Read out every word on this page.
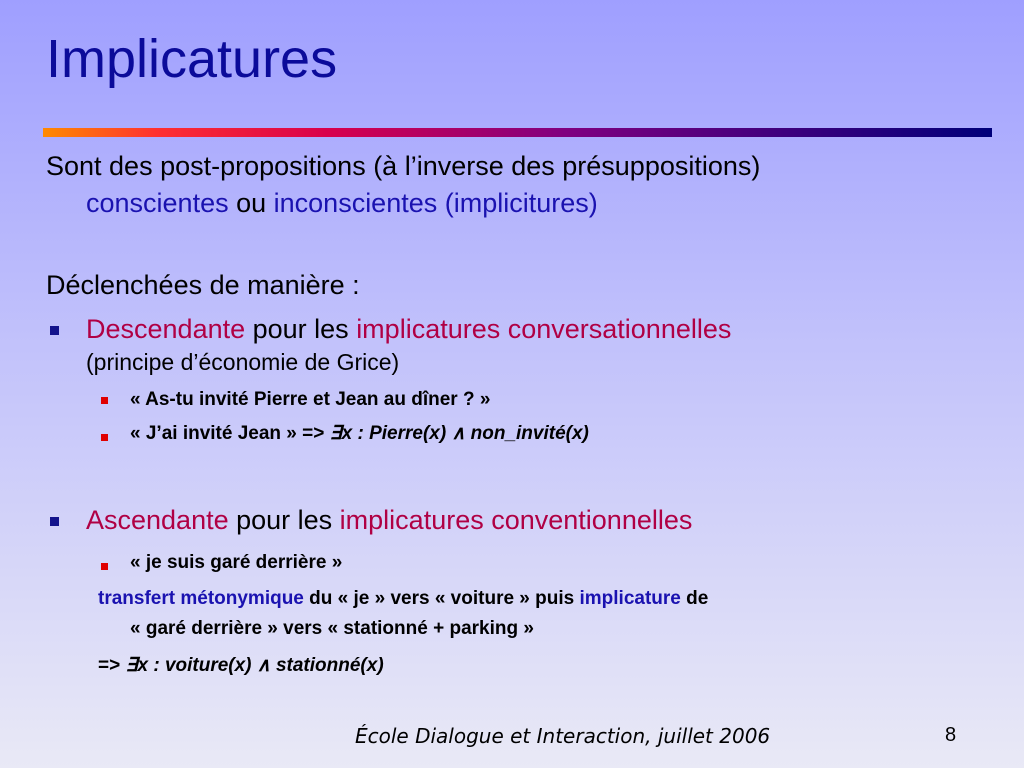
Implicatures
Sont des post-propositions (à l’inverse des présuppositions)
conscientes ou inconscientes (implicitures)
Déclenchées de manière :
Descendante pour les implicatures conversationnelles
(principe d’économie de Grice)
« As-tu invité Pierre et Jean au dîner ? »
« J’ai invité Jean » => ∃x : Pierre(x) ∧ non_invité(x)
Ascendante pour les implicatures conventionnelles
« je suis garé derrière »
transfert métonymique du « je » vers « voiture » puis implicature de
« garé derrière » vers « stationné + parking »
=> ∃x : voiture(x) ∧ stationné(x)
École Dialogue et Interaction, juillet 2006	8
